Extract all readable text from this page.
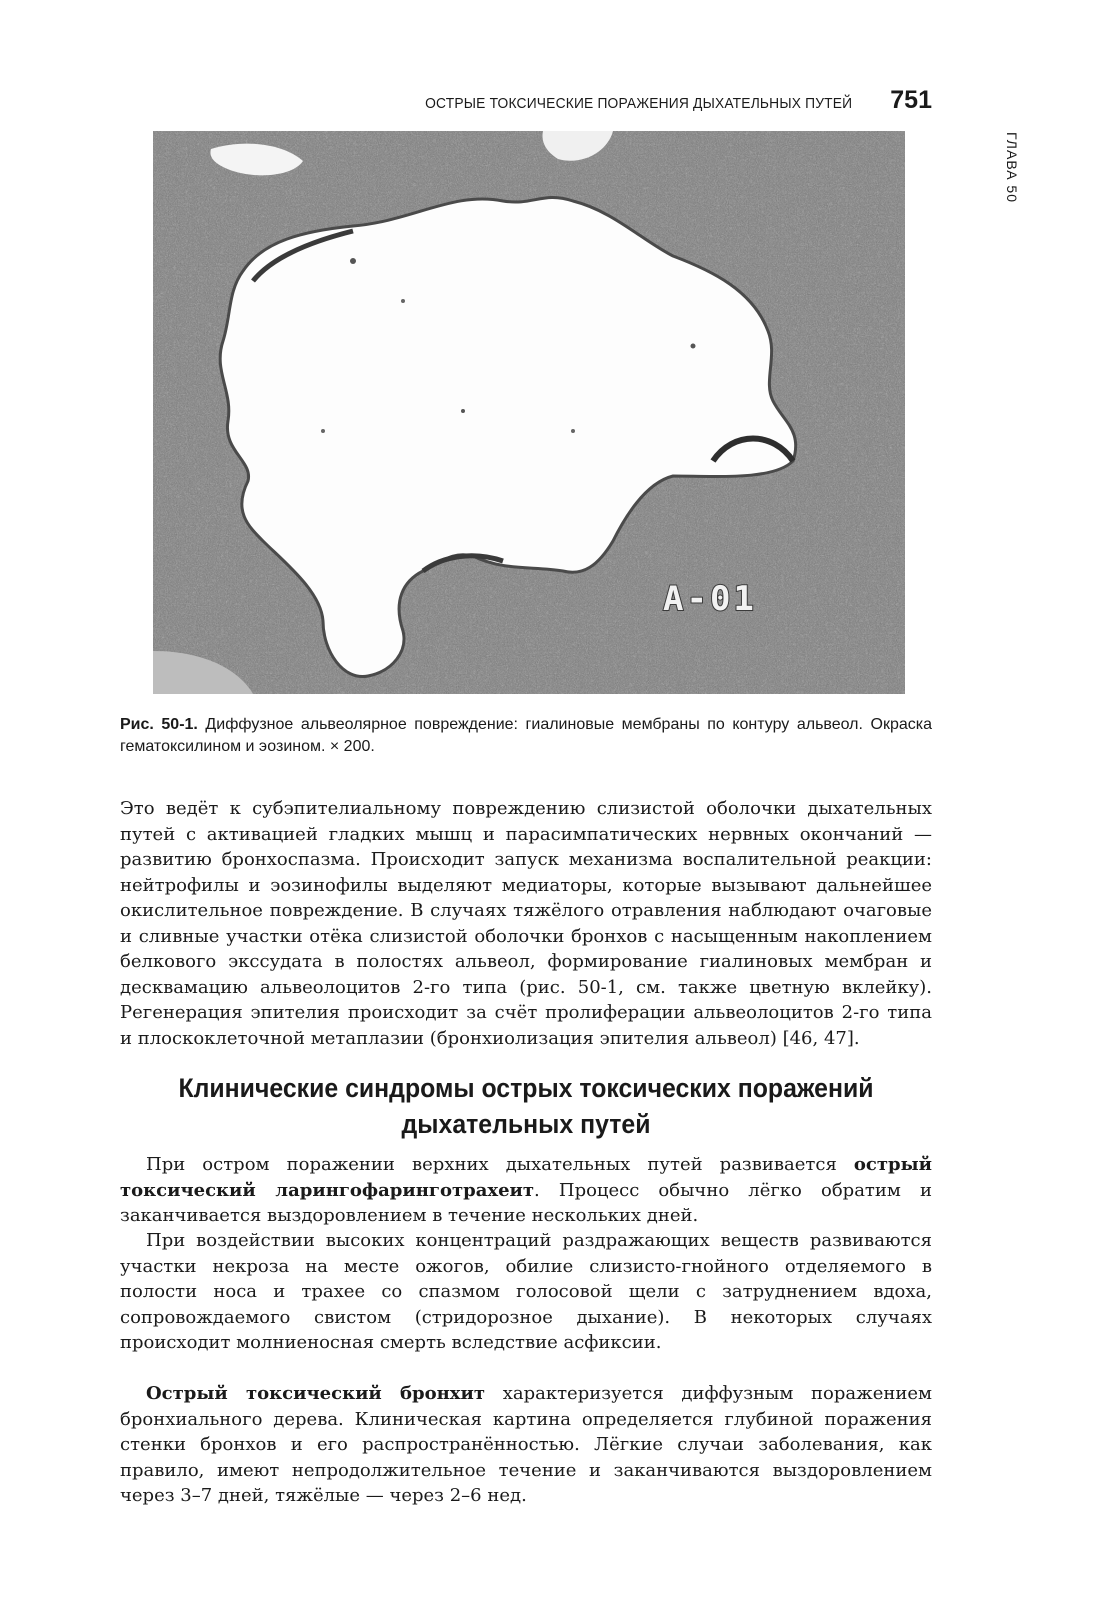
ОСТРЫЕ ТОКСИЧЕСКИЕ ПОРАЖЕНИЯ ДЫХАТЕЛЬНЫХ ПУТЕЙ 751
ГЛАВА 50
A-01
Рис. 50-1. Диффузное альвеолярное повреждение: гиалиновые мембраны по контуру альвеол. Окраска гематоксилином и эозином. × 200.

Это ведёт к субэпителиальному повреждению слизистой оболочки дыхательных путей с активацией гладких мышц и парасимпатических нервных окончаний — развитию бронхоспазма. Происходит запуск механизма воспалительной реакции: нейтрофилы и эозинофилы выделяют медиаторы, которые вызывают дальнейшее окислительное повреждение. В случаях тяжёлого отравления наблюдают очаговые и сливные участки отёка слизистой оболочки бронхов с насыщенным накоплением белкового экссудата в полостях альвеол, формирование гиалиновых мембран и десквамацию альвеолоцитов 2-го типа (рис. 50-1, см. также цветную вклейку). Регенерация эпителия происходит за счёт пролиферации альвеолоцитов 2-го типа и плоскоклеточной метаплазии (бронхиолизация эпителия альвеол) [46, 47].

Клинические синдромы острых токсических поражений дыхательных путей

При остром поражении верхних дыхательных путей развивается острый токсический ларингофаринготрахеит. Процесс обычно лёгко обратим и заканчивается выздоровлением в течение нескольких дней.

При воздействии высоких концентраций раздражающих веществ развиваются участки некроза на месте ожогов, обилие слизисто-гнойного отделяемого в полости носа и трахее со спазмом голосовой щели с затруднением вдоха, сопровождаемого свистом (стридорозное дыхание). В некоторых случаях происходит молниеносная смерть вследствие асфиксии.

Острый токсический бронхит характеризуется диффузным поражением бронхиального дерева. Клиническая картина определяется глубиной поражения стенки бронхов и его распространённостью. Лёгкие случаи заболевания, как правило, имеют непродолжительное течение и заканчиваются выздоровлением через 3–7 дней, тяжёлые — через 2–6 нед.
